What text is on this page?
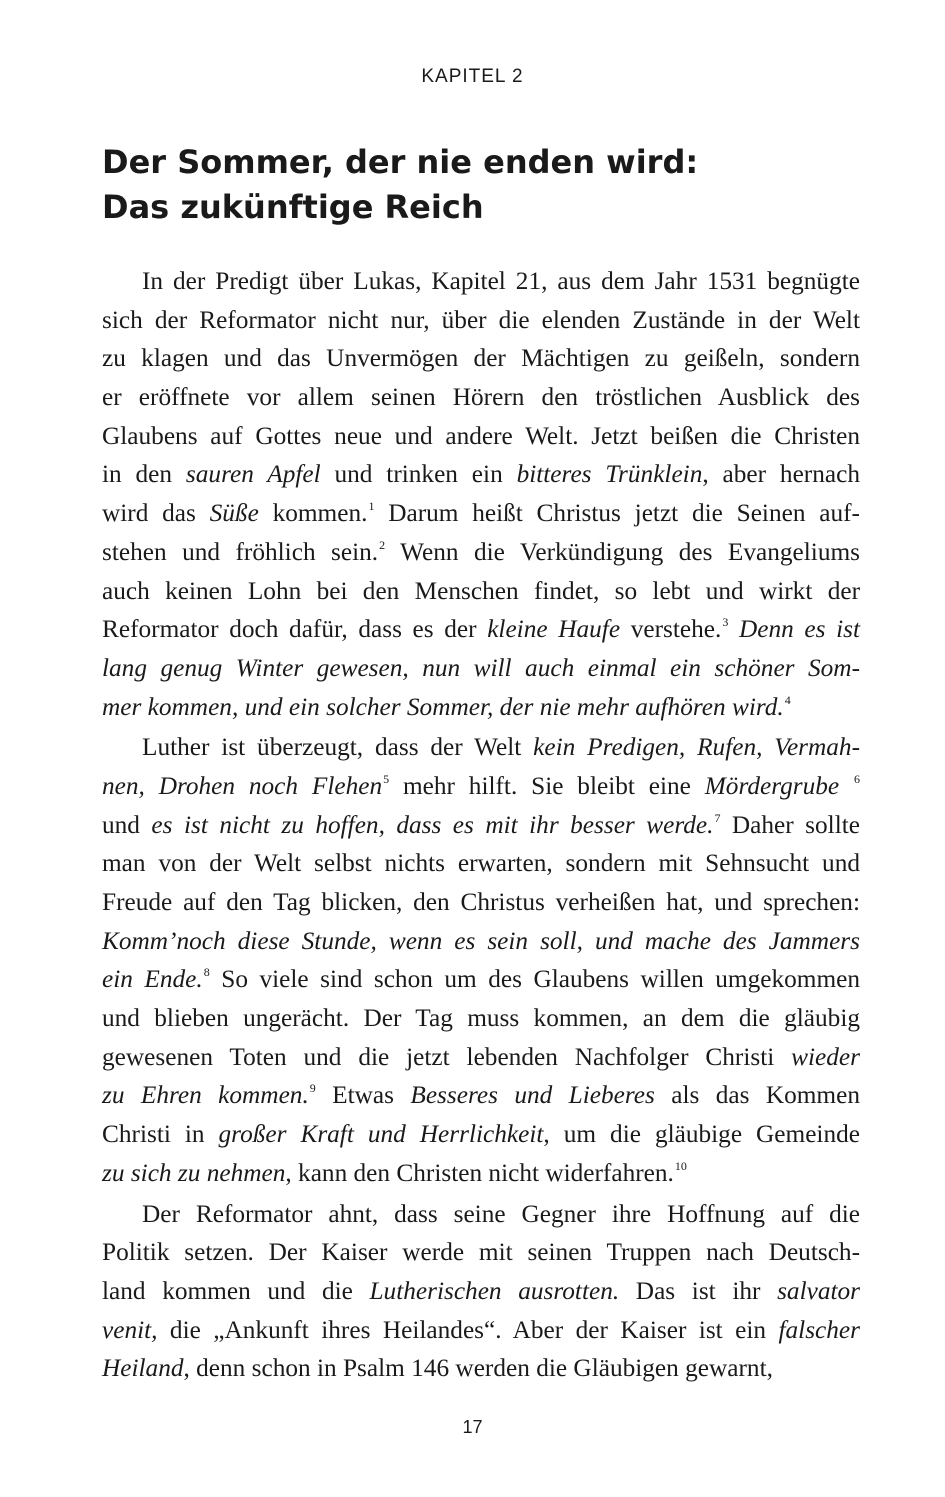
KAPITEL 2
Der Sommer, der nie enden wird:
Das zukünftige Reich

In der Predigt über Lukas, Kapitel 21, aus dem Jahr 1531 begnügte
sich der Reformator nicht nur, über die elenden Zustände in der Welt
zu klagen und das Unvermögen der Mächtigen zu geißeln, sondern
er eröffnete vor allem seinen Hörern den tröstlichen Ausblick des
Glaubens auf Gottes neue und andere Welt. Jetzt beißen die Christen
in den sauren Apfel und trinken ein bitteres Trünklein, aber hernach
wird das Süße kommen.$^1$ Darum heißt Christus jetzt die Seinen auf-
stehen und fröhlich sein.$^2$ Wenn die Verkündigung des Evangeliums
auch keinen Lohn bei den Menschen findet, so lebt und wirkt der
Reformator doch dafür, dass es der kleine Haufe verstehe.$^3$ Denn es ist
lang genug Winter gewesen, nun will auch einmal ein schöner Som-
mer kommen, und ein solcher Sommer, der nie mehr aufhören wird.$^4$

Luther ist überzeugt, dass der Welt kein Predigen, Rufen, Vermah-
nen, Drohen noch Flehen$^5$ mehr hilft. Sie bleibt eine Mördergrube $^6$
und es ist nicht zu hoffen, dass es mit ihr besser werde.$^7$ Daher sollte
man von der Welt selbst nichts erwarten, sondern mit Sehnsucht und
Freude auf den Tag blicken, den Christus verheißen hat, und sprechen:
Komm’noch diese Stunde, wenn es sein soll, und mache des Jammers
ein Ende.$^8$ So viele sind schon um des Glaubens willen umgekommen
und blieben ungerächt. Der Tag muss kommen, an dem die gläubig
gewesenen Toten und die jetzt lebenden Nachfolger Christi wieder
zu Ehren kommen.$^9$ Etwas Besseres und Lieberes als das Kommen
Christi in großer Kraft und Herrlichkeit, um die gläubige Gemeinde
zu sich zu nehmen, kann den Christen nicht widerfahren.$^{10}$

Der Reformator ahnt, dass seine Gegner ihre Hoffnung auf die
Politik setzen. Der Kaiser werde mit seinen Truppen nach Deutsch-
land kommen und die Lutherischen ausrotten. Das ist ihr salvator
venit, die „Ankunft ihres Heilandes“. Aber der Kaiser ist ein falscher
Heiland, denn schon in Psalm 146 werden die Gläubigen gewarnt,

17
